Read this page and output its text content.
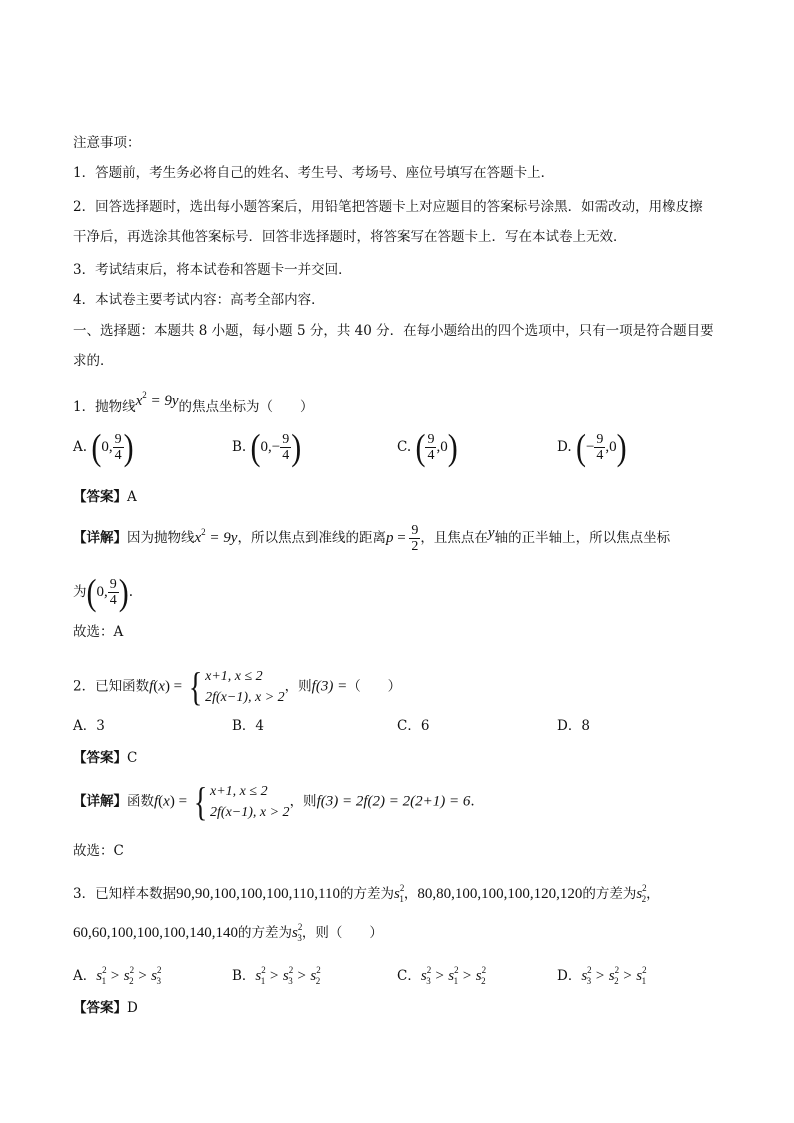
注意事项：
1．答题前，考生务必将自己的姓名、考生号、考场号、座位号填写在答题卡上．
2．回答选择题时，选出每小题答案后，用铅笔把答题卡上对应题目的答案标号涂黑．如需改动，用橡皮擦
干净后，再选涂其他答案标号．回答非选择题时，将答案写在答题卡上．写在本试卷上无效．
3．考试结束后，将本试卷和答题卡一并交回．
4．本试卷主要考试内容：高考全部内容．
一、选择题：本题共 8 小题，每小题 5 分，共 40 分．在每小题给出的四个选项中，只有一项是符合题目要
求的．
1．抛物线$x^2 = 9y$的焦点坐标为（　　）
A. (0, $\frac{9}{4}$ )	B. ($0,- \frac{9}{4}$ )	C. ( $\frac{9}{4} ,0$)	D. (− $\frac{9}{4} ,0$)
【答案】A
【详解】因为抛物线$x^2 = 9y$，所以焦点到准线的距离$p = \frac{9}{2}$ ，且焦点在y轴的正半轴上，所以焦点坐标
为(0, $\frac{9}{4}$ ).
故选：A
2．已知函数f(x) = { x+1, x ≤ 2
2f(x−1), x > 2
，则f(3) =（　　）
A．3	B．4	C．6	D．8
【答案】C
【详解】函数f(x) = { x+1, x ≤ 2
2f(x−1), x > 2
，则f(3) = 2f(2) = 2(2+1) = 6.
故选：C
3．已知样本数据90,90,100,100,100,110,110的方差为$s^2_1$，80,80,100,100,100,120,120的方差为$s^2_2$，
60,60,100,100,100,140,140的方差为$s^2_3$，则（　　）
A．$s^2_1 > s^2_2 > s^2_3$	B．$s^2_1 > s^2_3 > s^2_2$	C．$s^2_3 > s^2_1 > s^2_2$	D．$s^2_3 > s^2_2 > s^2_1$
【答案】D
